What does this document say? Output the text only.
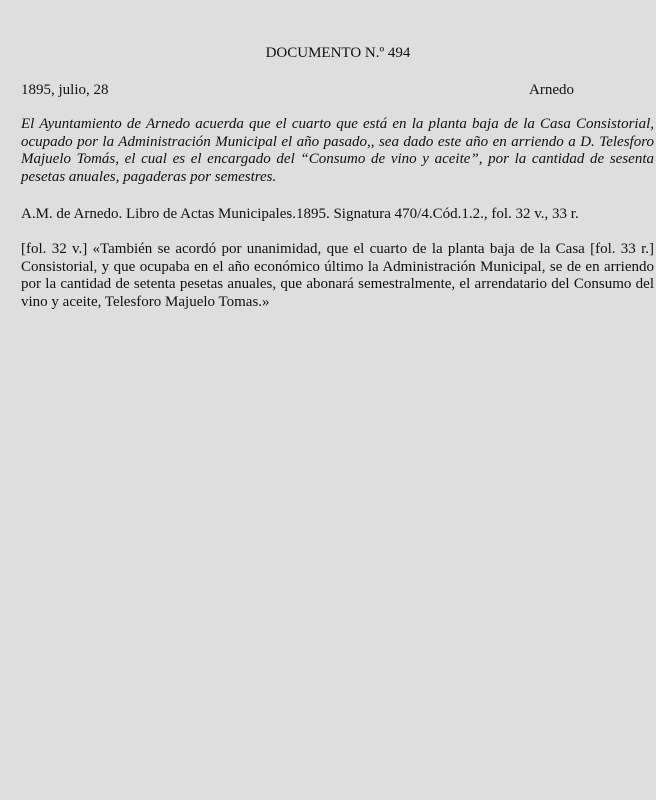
DOCUMENTO N.º 494
1895, julio, 28	Arnedo

El Ayuntamiento de Arnedo acuerda que el cuarto que está en la planta baja de la Casa Consistorial, ocupado por la Administración Municipal el año pasado,, sea dado este año en arriendo a D. Telesforo Majuelo Tomás, el cual es el encargado del “Consumo de vino y aceite”, por la cantidad de sesenta pesetas anuales, pagaderas por semestres.

A.M. de Arnedo. Libro de Actas Municipales.1895. Signatura 470/4.Cód.1.2., fol. 32 v., 33 r.

[fol. 32 v.] «También se acordó por unanimidad, que el cuarto de la planta baja de la Casa [fol. 33 r.] Consistorial, y que ocupaba en el año económico último la Administración Municipal, se de en arriendo por la cantidad de setenta pesetas anuales, que abonará semestralmente, el arrendatario del Consumo del vino y aceite, Telesforo Majuelo Tomas.»
